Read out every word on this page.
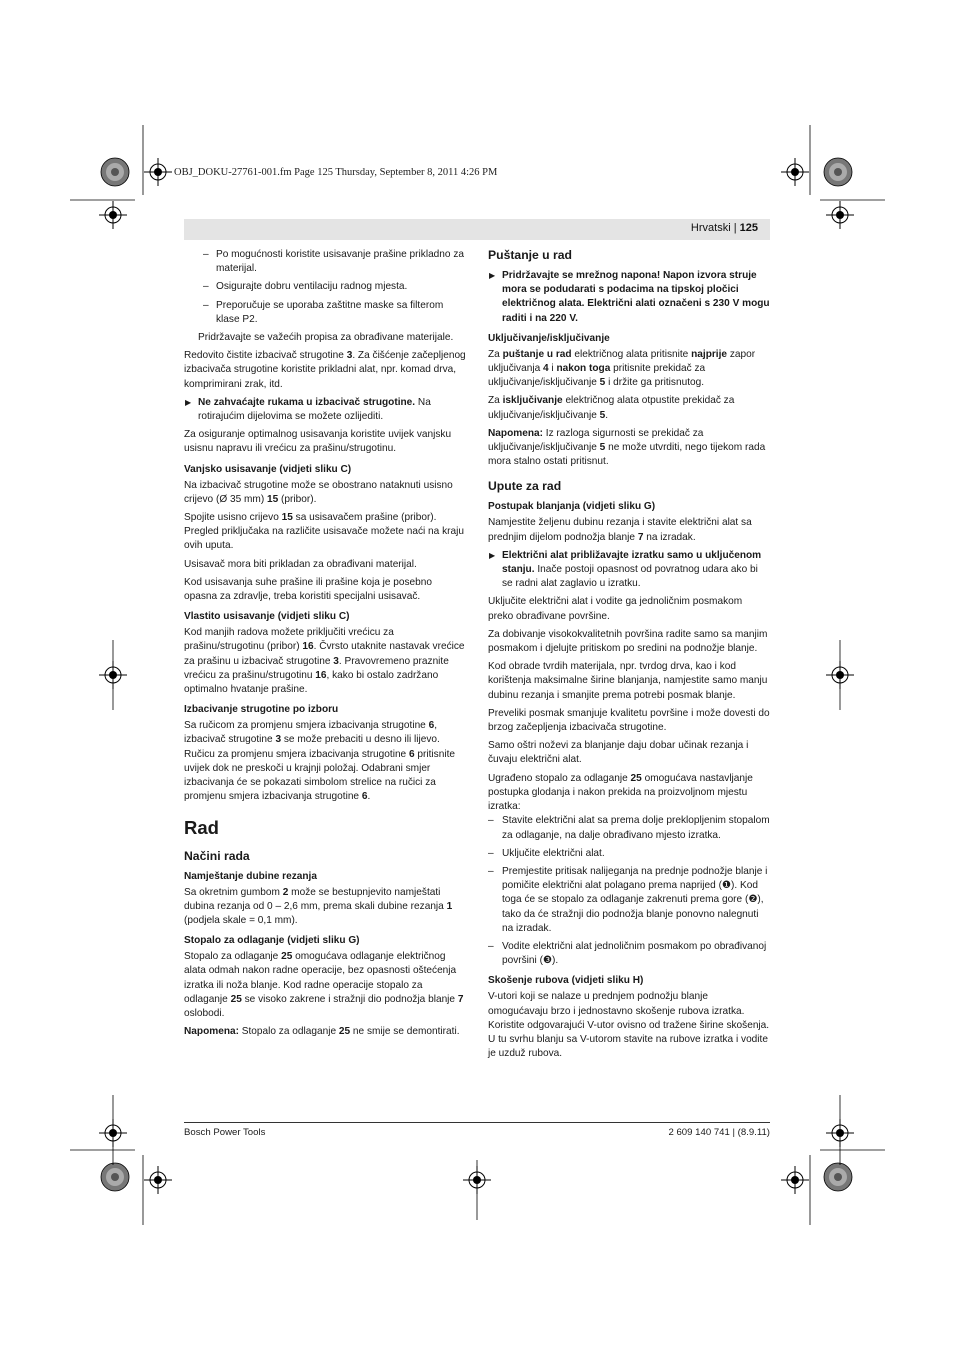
OBJ_DOKU-27761-001.fm Page 125 Thursday, September 8, 2011 4:26 PM
Hrvatski | 125

– Po mogućnosti koristite usisavanje prašine prikladno za materijal.

– Osigurajte dobru ventilaciju radnog mjesta.

– Preporučuje se uporaba zaštitne maske sa filterom klase P2.

Pridržavajte se važećih propisa za obrađivane materijale.

Redovito čistite izbacivač strugotine 3. Za čišćenje začepljenog izbacivača strugotine koristite prikladni alat, npr. komad drva, komprimirani zrak, itd.

▶ Ne zahvaćajte rukama u izbacivač strugotine. Na rotirajućim dijelovima se možete ozlijediti.

Za osiguranje optimalnog usisavanja koristite uvijek vanjsku usisnu napravu ili vrećicu za prašinu/strugotinu.

Vanjsko usisavanje (vidjeti sliku C)

Na izbacivač strugotine može se obostrano nataknuti usisno crijevo (Ø 35 mm) 15 (pribor).

Spojite usisno crijevo 15 sa usisavačem prašine (pribor). Pregled priključaka na različite usisavače možete naći na kraju ovih uputa.

Usisavač mora biti prikladan za obrađivani materijal.

Kod usisavanja suhe prašine ili prašine koja je posebno opasna za zdravlje, treba koristiti specijalni usisavač.

Vlastito usisavanje (vidjeti sliku C)

Kod manjih radova možete priključiti vrećicu za prašinu/strugotinu (pribor) 16. Čvrsto utaknite nastavak vrećice za prašinu u izbacivač strugotine 3. Pravovremeno praznite vrećicu za prašinu/strugotinu 16, kako bi ostalo zadržano optimalno hvatanje prašine.

Izbacivanje strugotine po izboru

Sa ručicom za promjenu smjera izbacivanja strugotine 6, izbacivač strugotine 3 se može prebaciti u desno ili lijevo. Ručicu za promjenu smjera izbacivanja strugotine 6 pritisnite uvijek dok ne preskoči u krajnji položaj. Odabrani smjer izbacivanja će se pokazati simbolom strelice na ručici za promjenu smjera izbacivanja strugotine 6.

Rad
Načini rada
Namještanje dubine rezanja

Sa okretnim gumbom 2 može se bestupnjevito namještati dubina rezanja od 0 – 2,6 mm, prema skali dubine rezanja 1 (podjela skale = 0,1 mm).

Stopalo za odlaganje (vidjeti sliku G)

Stopalo za odlaganje 25 omogućava odlaganje električnog alata odmah nakon radne operacije, bez opasnosti oštećenja izratka ili noža blanje. Kod radne operacije stopalo za odlaganje 25 se visoko zakrene i stražnji dio podnožja blanje 7 oslobodi.

Napomena: Stopalo za odlaganje 25 ne smije se demontirati.

Puštanje u rad

▶ Pridržavajte se mrežnog napona! Napon izvora struje mora se podudarati s podacima na tipskoj pločici električnog alata. Električni alati označeni s 230 V mogu raditi i na 220 V.

Uključivanje/isključivanje

Za puštanje u rad električnog alata pritisnite najprije zapor uključivanja 4 i nakon toga pritisnite prekidač za uključivanje/isključivanje 5 i držite ga pritisnutog.

Za isključivanje električnog alata otpustite prekidač za uključivanje/isključivanje 5.

Napomena: Iz razloga sigurnosti se prekidač za uključivanje/isključivanje 5 ne može utvrditi, nego tijekom rada mora stalno ostati pritisnut.

Upute za rad
Postupak blanjanja (vidjeti sliku G)

Namjestite željenu dubinu rezanja i stavite električni alat sa prednjim dijelom podnožja blanje 7 na izradak.

▶ Električni alat približavajte izratku samo u uključenom stanju. Inače postoji opasnost od povratnog udara ako bi se radni alat zaglavio u izratku.

Uključite električni alat i vodite ga jednoličnim posmakom preko obrađivane površine.

Za dobivanje visokokvalitetnih površina radite samo sa manjim posmakom i djelujte pritiskom po sredini na podnožje blanje.

Kod obrade tvrdih materijala, npr. tvrdog drva, kao i kod korištenja maksimalne širine blanjanja, namjestite samo manju dubinu rezanja i smanjite prema potrebi posmak blanje.

Preveliki posmak smanjuje kvalitetu površine i može dovesti do brzog začepljenja izbacivača strugotine.

Samo oštri noževi za blanjanje daju dobar učinak rezanja i čuvaju električni alat.

Ugrađeno stopalo za odlaganje 25 omogućava nastavljanje postupka glodanja i nakon prekida na proizvoljnom mjestu izratka:

– Stavite električni alat sa prema dolje preklopljenim stopalom za odlaganje, na dalje obrađivano mjesto izratka.

– Uključite električni alat.

– Premjestite pritisak nalijeganja na prednje podnožje blanje i pomičite električni alat polagano prema naprijed (❶). Kod toga će se stopalo za odlaganje zakrenuti prema gore (❷), tako da će stražnji dio podnožja blanje ponovno nalegnuti na izradak.

– Vodite električni alat jednoličnim posmakom po obrađivanoj površini (❸).

Skošenje rubova (vidjeti sliku H)

V-utori koji se nalaze u prednjem podnožju blanje omogućavaju brzo i jednostavno skošenje rubova izratka. Koristite odgovarajući V-utor ovisno od tražene širine skošenja. U tu svrhu blanju sa V-utorom stavite na rubove izratka i vodite je uzduž rubova.

Bosch Power Tools	2 609 140 741 | (8.9.11)
